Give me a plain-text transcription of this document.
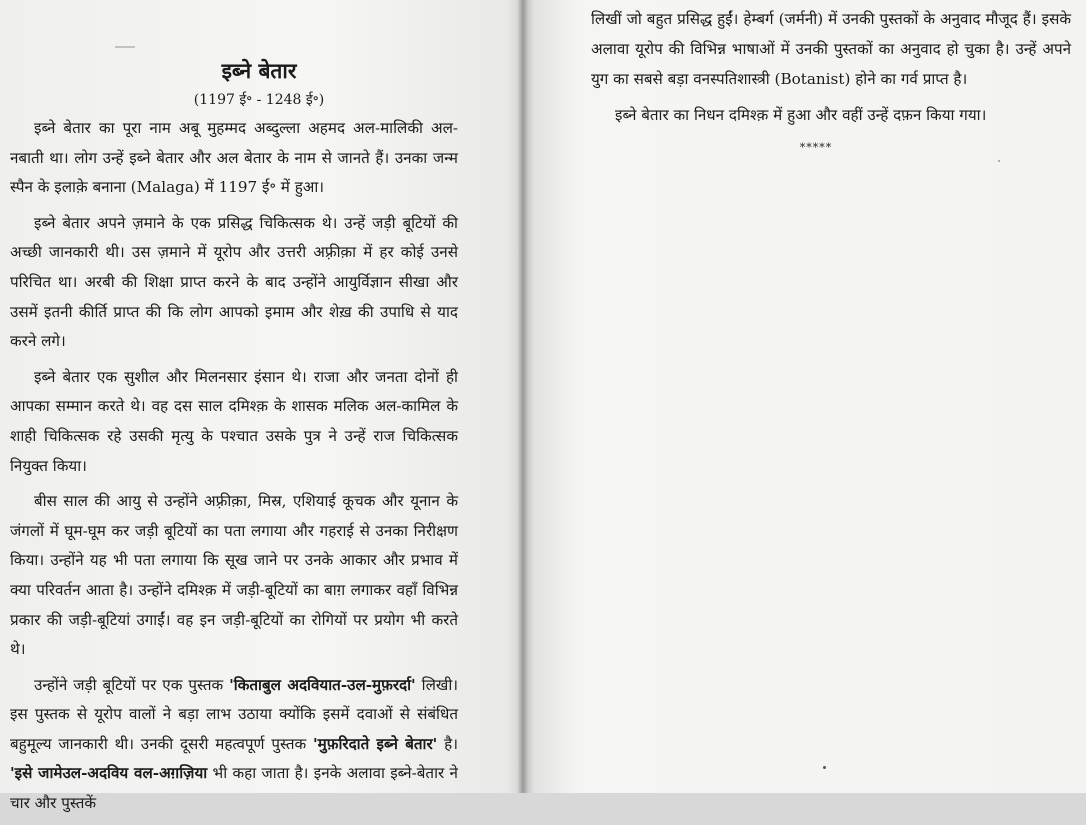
इब्ने बेतार
(1197 ई॰ - 1248 ई॰)

इब्ने बेतार का पूरा नाम अबू मुहम्मद अब्दुल्ला अहमद अल-मालिकी अल-नबाती था। लोग उन्हें इब्ने बेतार और अल बेतार के नाम से जानते हैं। उनका जन्म स्पैन के इलाक़े बनाना (Malaga) में 1197 ई॰ में हुआ।

इब्ने बेतार अपने ज़माने के एक प्रसिद्ध चिकित्सक थे। उन्हें जड़ी बूटियों की अच्छी जानकारी थी। उस ज़माने में यूरोप और उत्तरी अफ़्रीक़ा में हर कोई उनसे परिचित था। अरबी की शिक्षा प्राप्त करने के बाद उन्होंने आयुर्विज्ञान सीखा और उसमें इतनी कीर्ति प्राप्त की कि लोग आपको इमाम और शेख़ की उपाधि से याद करने लगे।

इब्ने बेतार एक सुशील और मिलनसार इंसान थे। राजा और जनता दोनों ही आपका सम्मान करते थे। वह दस साल दमिश्क़ के शासक मलिक अल-कामिल के शाही चिकित्सक रहे उसकी मृत्यु के पश्चात उसके पुत्र ने उन्हें राज चिकित्सक नियुक्त किया।

बीस साल की आयु से उन्होंने अफ़्रीक़ा, मिस्र, एशियाई कूचक और यूनान के जंगलों में घूम-घूम कर जड़ी बूटियों का पता लगाया और गहराई से उनका निरीक्षण किया। उन्होंने यह भी पता लगाया कि सूख जाने पर उनके आकार और प्रभाव में क्या परिवर्तन आता है। उन्होंने दमिश्क़ में जड़ी-बूटियों का बाग़ लगाकर वहाँ विभिन्न प्रकार की जड़ी-बूटियां उगाईं। वह इन जड़ी-बूटियों का रोगियों पर प्रयोग भी करते थे।

उन्होंने जड़ी बूटियों पर एक पुस्तक 'किताबुल अदवियात-उल-मुफ़रर्दा' लिखी। इस पुस्तक से यूरोप वालों ने बड़ा लाभ उठाया क्योंकि इसमें दवाओं से संबंधित बहुमूल्य जानकारी थी। उनकी दूसरी महत्वपूर्ण पुस्तक 'मुफ़रिदाते इब्ने बेतार' है। 'इसे जामेउल-अदविय वल-अग़ज़िया भी कहा जाता है। इनके अलावा इब्ने-बेतार ने चार और पुस्तकें

लिखीं जो बहुत प्रसिद्ध हुईं। हेम्बर्ग (जर्मनी) में उनकी पुस्तकों के अनुवाद मौजूद हैं। इसके अलावा यूरोप की विभिन्न भाषाओं में उनकी पुस्तकों का अनुवाद हो चुका है। उन्हें अपने युग का सबसे बड़ा वनस्पतिशास्त्री (Botanist) होने का गर्व प्राप्त है।

इब्ने बेतार का निधन दमिश्क़ में हुआ और वहीं उन्हें दफ़न किया गया।

*****
